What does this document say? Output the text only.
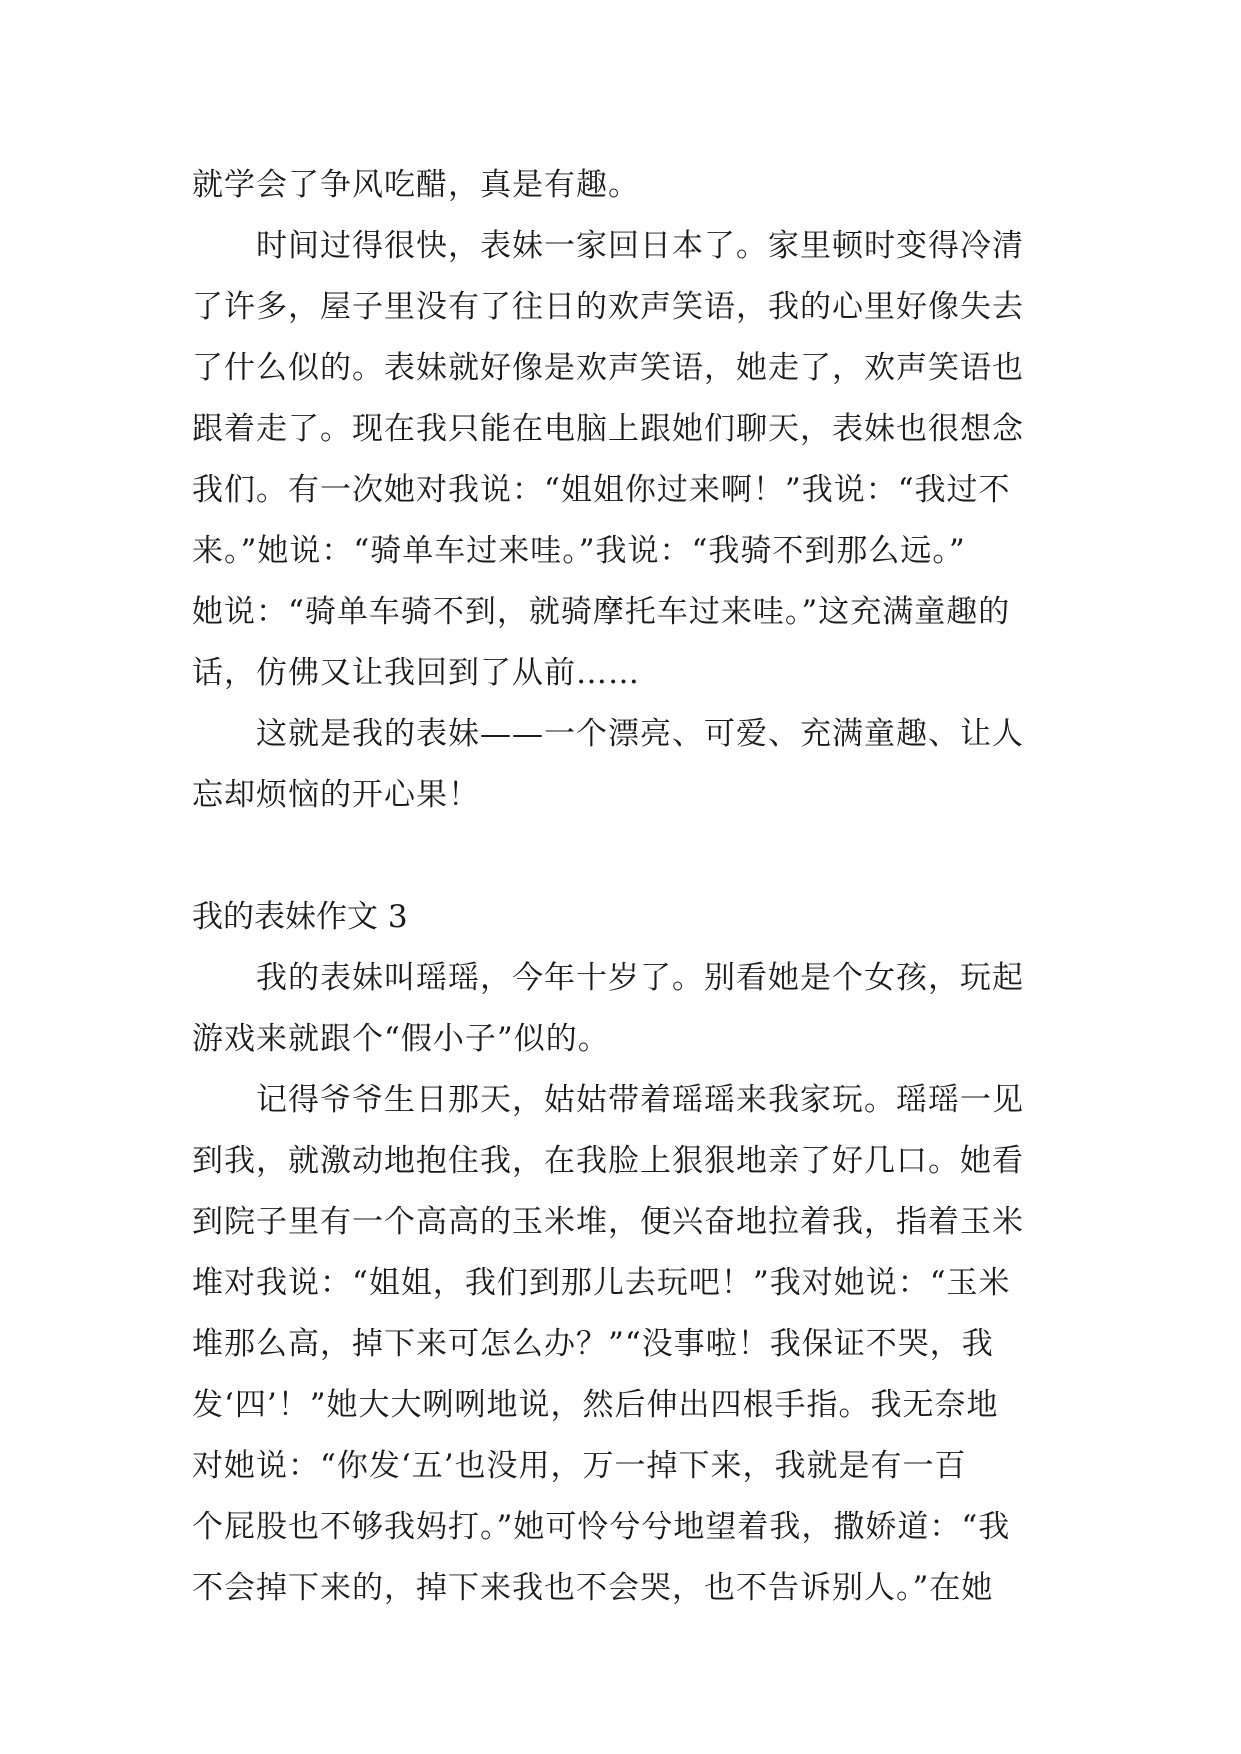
就学会了争风吃醋，真是有趣。
时间过得很快，表妹一家回日本了。家里顿时变得冷清
了许多，屋子里没有了往日的欢声笑语，我的心里好像失去
了什么似的。表妹就好像是欢声笑语，她走了，欢声笑语也
跟着走了。现在我只能在电脑上跟她们聊天，表妹也很想念
我们。有一次她对我说：“姐姐你过来啊！”我说：“我过不
来。”她说：“骑单车过来哇。”我说：“我骑不到那么远。”
她说：“骑单车骑不到，就骑摩托车过来哇。”这充满童趣的
话，仿佛又让我回到了从前……
这就是我的表妹——一个漂亮、可爱、充满童趣、让人
忘却烦恼的开心果！
我的表妹作文 3
我的表妹叫瑶瑶，今年十岁了。别看她是个女孩，玩起
游戏来就跟个“假小子”似的。
记得爷爷生日那天，姑姑带着瑶瑶来我家玩。瑶瑶一见
到我，就激动地抱住我，在我脸上狠狠地亲了好几口。她看
到院子里有一个高高的玉米堆，便兴奋地拉着我，指着玉米
堆对我说：“姐姐，我们到那儿去玩吧！”我对她说：“玉米
堆那么高，掉下来可怎么办？”“没事啦！我保证不哭，我
发‘四’！”她大大咧咧地说，然后伸出四根手指。我无奈地
对她说：“你发‘五’也没用，万一掉下来，我就是有一百
个屁股也不够我妈打。”她可怜兮兮地望着我，撒娇道：“我
不会掉下来的，掉下来我也不会哭，也不告诉别人。”在她
